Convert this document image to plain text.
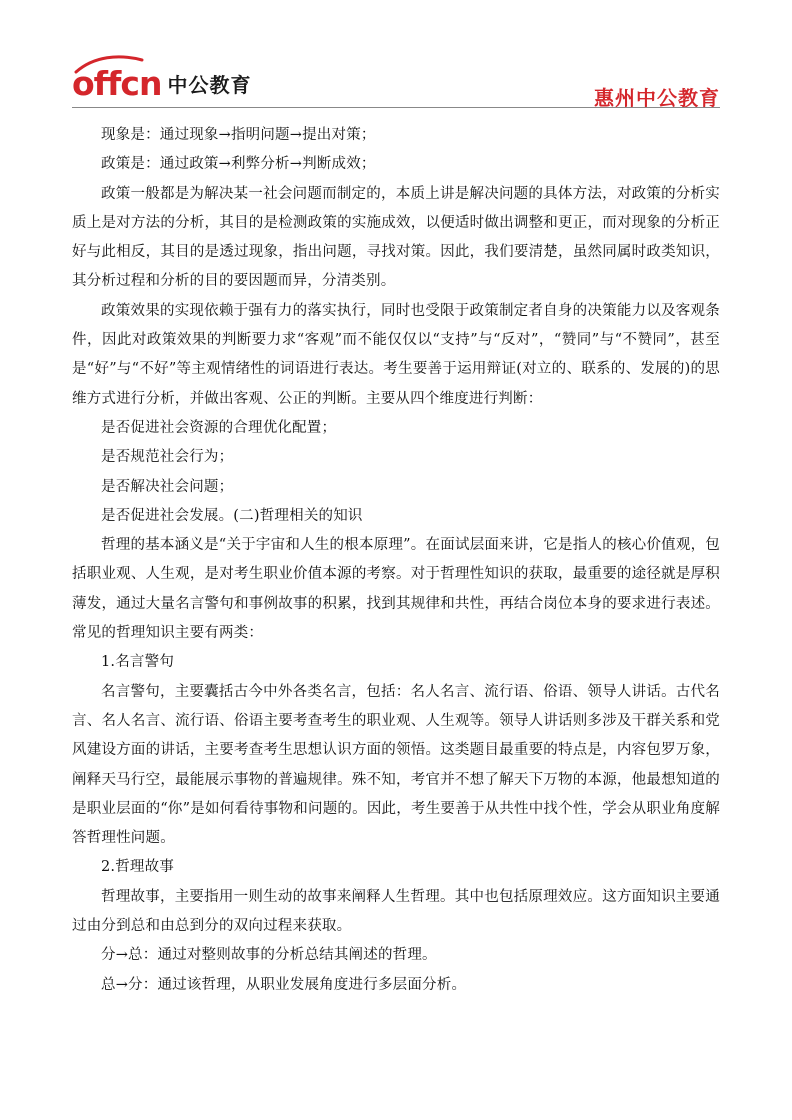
offcn 中公教育
惠州中公教育

现象是：通过现象→指明问题→提出对策；

政策是：通过政策→利弊分析→判断成效；

政策一般都是为解决某一社会问题而制定的，本质上讲是解决问题的具体方法，对政策的分析实质上是对方法的分析，其目的是检测政策的实施成效，以便适时做出调整和更正，而对现象的分析正好与此相反，其目的是透过现象，指出问题，寻找对策。因此，我们要清楚，虽然同属时政类知识，其分析过程和分析的目的要因题而异，分清类别。

政策效果的实现依赖于强有力的落实执行，同时也受限于政策制定者自身的决策能力以及客观条件，因此对政策效果的判断要力求“客观”而不能仅仅以“支持”与“反对”，“赞同”与“不赞同”，甚至是“好”与“不好”等主观情绪性的词语进行表达。考生要善于运用辩证(对立的、联系的、发展的)的思维方式进行分析，并做出客观、公正的判断。主要从四个维度进行判断：

是否促进社会资源的合理优化配置；

是否规范社会行为；

是否解决社会问题；

是否促进社会发展。(二)哲理相关的知识

哲理的基本涵义是“关于宇宙和人生的根本原理”。在面试层面来讲，它是指人的核心价值观，包括职业观、人生观，是对考生职业价值本源的考察。对于哲理性知识的获取，最重要的途径就是厚积薄发，通过大量名言警句和事例故事的积累，找到其规律和共性，再结合岗位本身的要求进行表述。常见的哲理知识主要有两类：

1.名言警句

名言警句，主要囊括古今中外各类名言，包括：名人名言、流行语、俗语、领导人讲话。古代名言、名人名言、流行语、俗语主要考查考生的职业观、人生观等。领导人讲话则多涉及干群关系和党风建设方面的讲话，主要考查考生思想认识方面的领悟。这类题目最重要的特点是，内容包罗万象，阐释天马行空，最能展示事物的普遍规律。殊不知，考官并不想了解天下万物的本源，他最想知道的是职业层面的“你”是如何看待事物和问题的。因此，考生要善于从共性中找个性，学会从职业角度解答哲理性问题。

2.哲理故事

哲理故事，主要指用一则生动的故事来阐释人生哲理。其中也包括原理效应。这方面知识主要通过由分到总和由总到分的双向过程来获取。

分→总：通过对整则故事的分析总结其阐述的哲理。

总→分：通过该哲理，从职业发展角度进行多层面分析。
